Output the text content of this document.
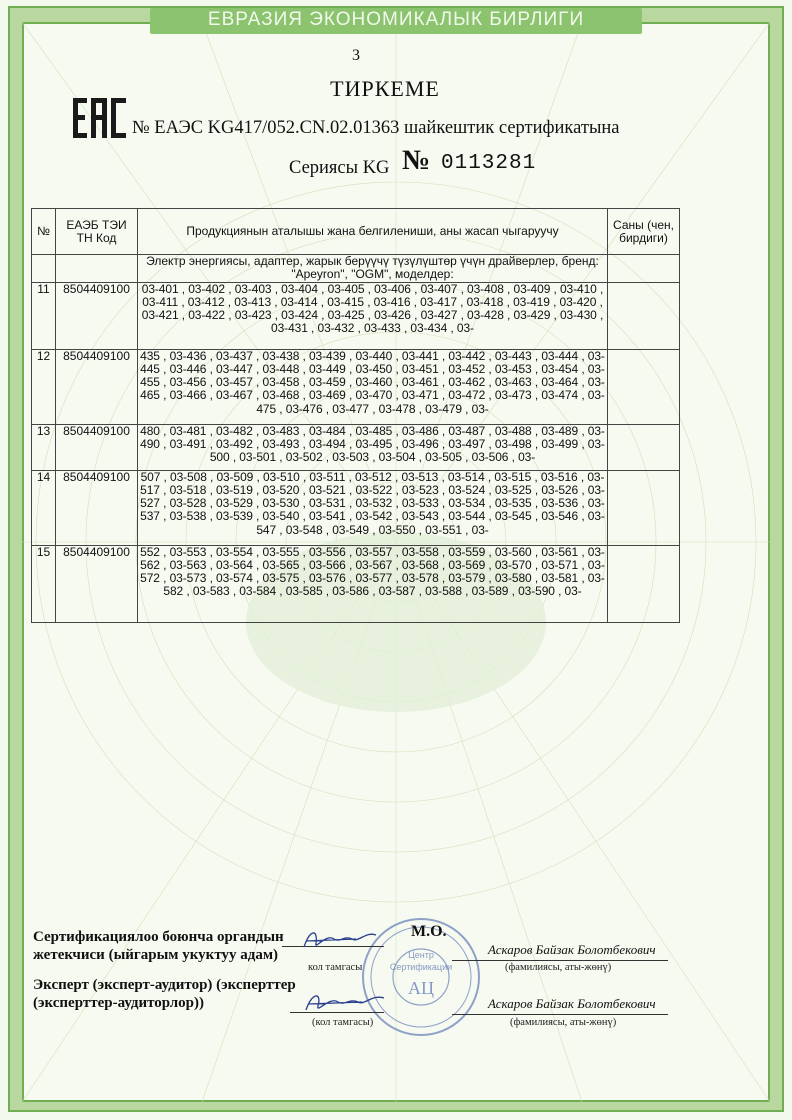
ЕВРАЗИЯ ЭКОНОМИКАЛЫК БИРЛИГИ
3
ТИРКЕМЕ
№ ЕАЭС KG417/052.CN.02.01363 шайкештик сертификатына
Сериясы KG № 0113281
№	ЕАЭБ ТЭИ ТН Код	Продукциянын аталышы жана белгилениши, аны жасап чыгаруучу	Саны (чен, бирдиги)
		Электр энергиясы, адаптер, жарык берүүчү түзүлүштөр үчүн драйверлер, бренд: "Apeyron", "OGM", моделдер:	
11	8504409100	03-401 , 03-402 , 03-403 , 03-404 , 03-405 , 03-406 , 03-407 , 03-408 , 03-409 , 03-410 , 03-411 , 03-412 , 03-413 , 03-414 , 03-415 , 03-416 , 03-417 , 03-418 , 03-419 , 03-420 , 03-421 , 03-422 , 03-423 , 03-424 , 03-425 , 03-426 , 03-427 , 03-428 , 03-429 , 03-430 , 03-431 , 03-432 , 03-433 , 03-434 , 03-	
12	8504409100	435 , 03-436 , 03-437 , 03-438 , 03-439 , 03-440 , 03-441 , 03-442 , 03-443 , 03-444 , 03-445 , 03-446 , 03-447 , 03-448 , 03-449 , 03-450 , 03-451 , 03-452 , 03-453 , 03-454 , 03-455 , 03-456 , 03-457 , 03-458 , 03-459 , 03-460 , 03-461 , 03-462 , 03-463 , 03-464 , 03-465 , 03-466 , 03-467 , 03-468 , 03-469 , 03-470 , 03-471 , 03-472 , 03-473 , 03-474 , 03-475 , 03-476 , 03-477 , 03-478 , 03-479 , 03-	
13	8504409100	480 , 03-481 , 03-482 , 03-483 , 03-484 , 03-485 , 03-486 , 03-487 , 03-488 , 03-489 , 03-490 , 03-491 , 03-492 , 03-493 , 03-494 , 03-495 , 03-496 , 03-497 , 03-498 , 03-499 , 03-500 , 03-501 , 03-502 , 03-503 , 03-504 , 03-505 , 03-506 , 03-	
14	8504409100	507 , 03-508 , 03-509 , 03-510 , 03-511 , 03-512 , 03-513 , 03-514 , 03-515 , 03-516 , 03-517 , 03-518 , 03-519 , 03-520 , 03-521 , 03-522 , 03-523 , 03-524 , 03-525 , 03-526 , 03-527 , 03-528 , 03-529 , 03-530 , 03-531 , 03-532 , 03-533 , 03-534 , 03-535 , 03-536 , 03-537 , 03-538 , 03-539 , 03-540 , 03-541 , 03-542 , 03-543 , 03-544 , 03-545 , 03-546 , 03-547 , 03-548 , 03-549 , 03-550 , 03-551 , 03-	
15	8504409100	552 , 03-553 , 03-554 , 03-555 , 03-556 , 03-557 , 03-558 , 03-559 , 03-560 , 03-561 , 03-562 , 03-563 , 03-564 , 03-565 , 03-566 , 03-567 , 03-568 , 03-569 , 03-570 , 03-571 , 03-572 , 03-573 , 03-574 , 03-575 , 03-576 , 03-577 , 03-578 , 03-579 , 03-580 , 03-581 , 03-582 , 03-583 , 03-584 , 03-585 , 03-586 , 03-587 , 03-588 , 03-589 , 03-590 , 03-	
Центр
Сертификации
АЦ
Сертификациялоо боюнча органдын жетекчиси (ыйгарым укуктуу адам)
кол тамгасы
М.О.
Аскаров Байзак Болотбекович
(фамилиясы, аты-жөнү)
Эксперт (эксперт-аудитор) (эксперттер (эксперттер-аудиторлор))
(кол тамгасы)
Аскаров Байзак Болотбекович
(фамилиясы, аты-жөнү)
